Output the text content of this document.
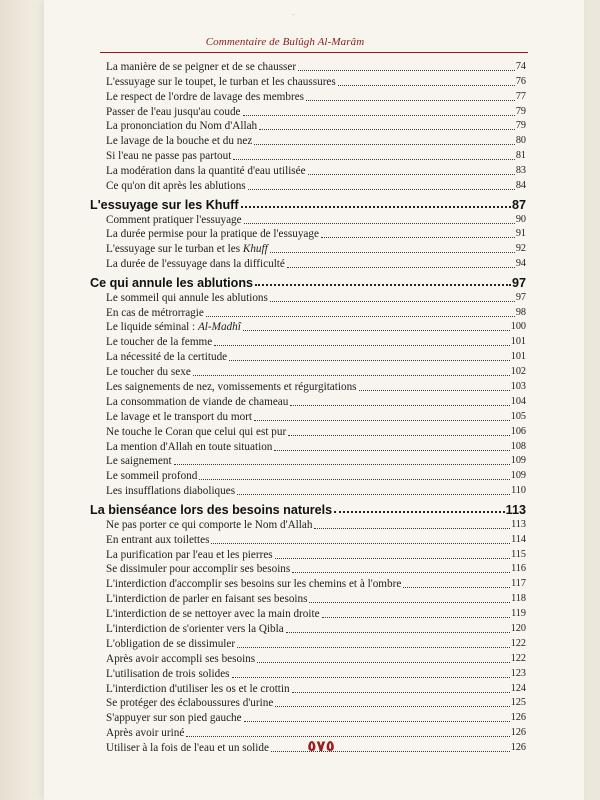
-
Commentaire de Bulûgh Al-Marâm
La manière de se peigner et de se chausser	74
L'essuyage sur le toupet, le turban et les chaussures	76
Le respect de l'ordre de lavage des membres	77
Passer de l'eau jusqu'au coude	79
La prononciation du Nom d'Allah	79
Le lavage de la bouche et du nez	80
Si l'eau ne passe pas partout	81
La modération dans la quantité d'eau utilisée	83
Ce qu'on dit après les ablutions	84
L'essuyage sur les Khuff	87
Comment pratiquer l'essuyage	90
La durée permise pour la pratique de l'essuyage	91
L'essuyage sur le turban et les Khuff	92
La durée de l'essuyage dans la difficulté	94
Ce qui annule les ablutions	97
Le sommeil qui annule les ablutions	97
En cas de métrorragie	98
Le liquide séminal : Al-Madhî	100
Le toucher de la femme	101
La nécessité de la certitude	101
Le toucher du sexe	102
Les saignements de nez, vomissements et régurgitations	103
La consommation de viande de chameau	104
Le lavage et le transport du mort	105
Ne touche le Coran que celui qui est pur	106
La mention d'Allah en toute situation	108
Le saignement	109
Le sommeil profond	109
Les insufflations diaboliques	110
La bienséance lors des besoins naturels	113
Ne pas porter ce qui comporte le Nom d'Allah	113
En entrant aux toilettes	114
La purification par l'eau et les pierres	115
Se dissimuler pour accomplir ses besoins	116
L'interdiction d'accomplir ses besoins sur les chemins et à l'ombre	117
L'interdiction de parler en faisant ses besoins	118
L'interdiction de se nettoyer avec la main droite	119
L'interdiction de s'orienter vers la Qibla	120
L'obligation de se dissimuler	122
Après avoir accompli ses besoins	122
L'utilisation de trois solides	123
L'interdiction d'utiliser les os et le crottin	124
Se protéger des éclaboussures d'urine	125
S'appuyer sur son pied gauche	126
Après avoir uriné	126
Utiliser à la fois de l'eau et un solide	126
٥٧٥
